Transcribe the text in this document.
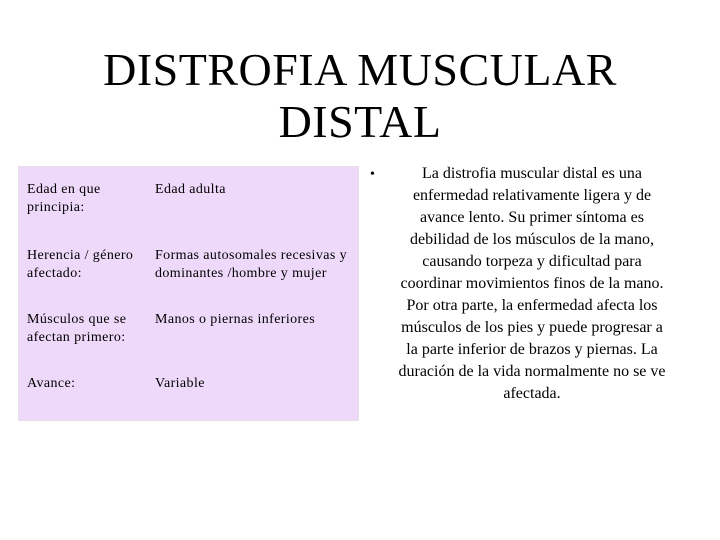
DISTROFIA MUSCULAR
DISTAL
Edad en que principia:
Edad adulta
Herencia / género afectado:
Formas autosomales recesivas y dominantes /hombre y mujer
Músculos que se afectan primero:
Manos o piernas inferiores
Avance:	Variable
•	La distrofia muscular distal es una enfermedad relativamente ligera y de avance lento. Su primer síntoma es debilidad de los músculos de la mano, causando torpeza y dificultad para coordinar movimientos finos de la mano. Por otra parte, la enfermedad afecta los músculos de los pies y puede progresar a la parte inferior de brazos y piernas. La duración de la vida normalmente no se ve afectada.
